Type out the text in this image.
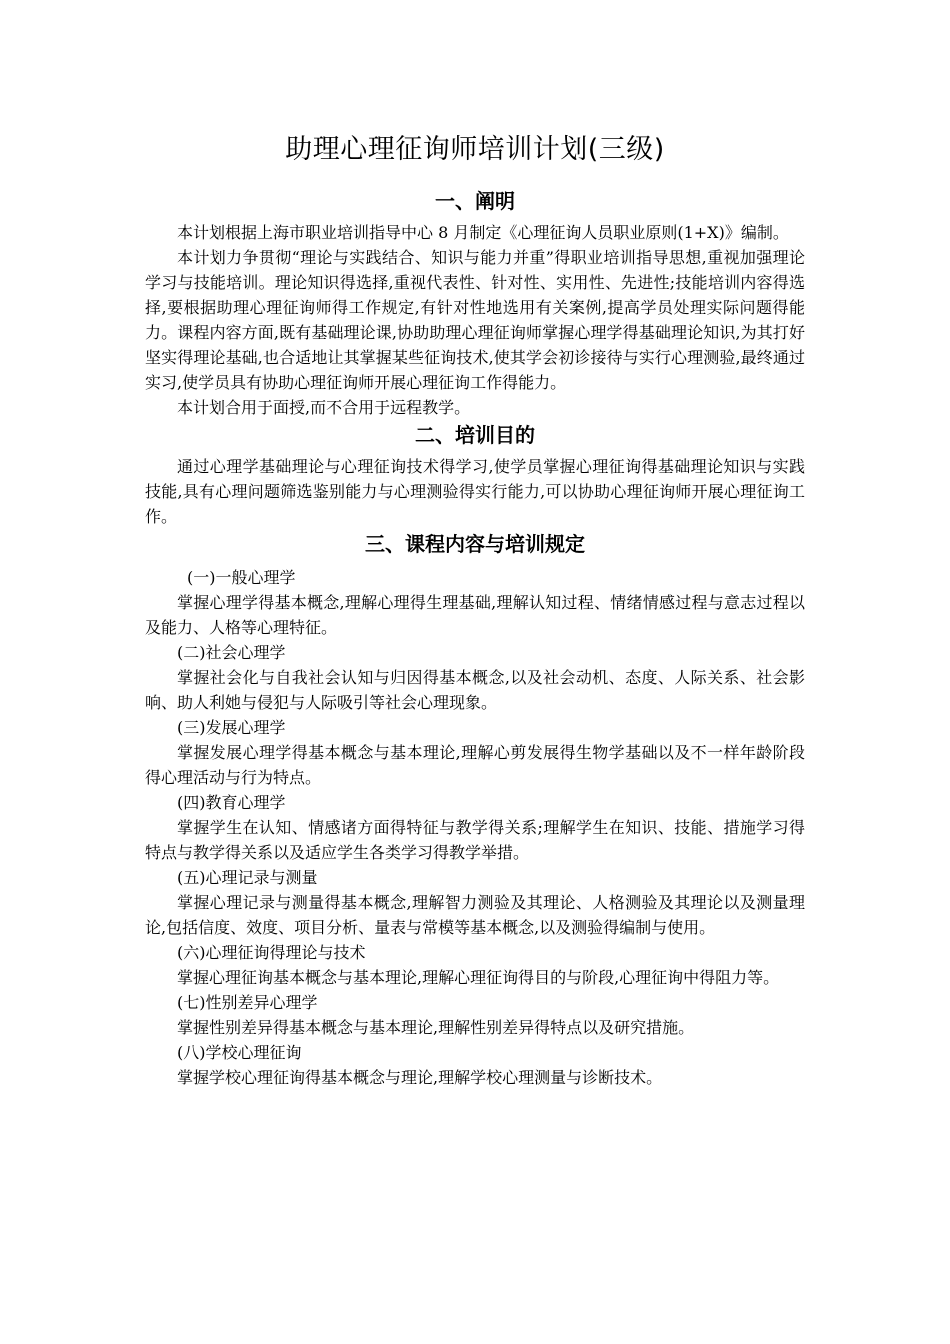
助理心理征询师培训计划(三级)
一、阐明

本计划根据上海市职业培训指导中心 8 月制定《心理征询人员职业原则(1+X)》编制。

本计划力争贯彻“理论与实践结合、知识与能力并重”得职业培训指导思想,重视加强理论学习与技能培训。理论知识得选择,重视代表性、针对性、实用性、先进性;技能培训内容得选择,要根据助理心理征询师得工作规定,有针对性地选用有关案例,提高学员处理实际问题得能力。课程内容方面,既有基础理论课,协助助理心理征询师掌握心理学得基础理论知识,为其打好坚实得理论基础,也合适地让其掌握某些征询技术,使其学会初诊接待与实行心理测验,最终通过实习,使学员具有协助心理征询师开展心理征询工作得能力。

本计划合用于面授,而不合用于远程教学。

二、培训目的

通过心理学基础理论与心理征询技术得学习,使学员掌握心理征询得基础理论知识与实践技能,具有心理问题筛选鉴别能力与心理测验得实行能力,可以协助心理征询师开展心理征询工作。

三、课程内容与培训规定

(一)一般心理学

掌握心理学得基本概念,理解心理得生理基础,理解认知过程、情绪情感过程与意志过程以及能力、人格等心理特征。

(二)社会心理学

掌握社会化与自我社会认知与归因得基本概念,以及社会动机、态度、人际关系、社会影响、助人利她与侵犯与人际吸引等社会心理现象。

(三)发展心理学

掌握发展心理学得基本概念与基本理论,理解心剪发展得生物学基础以及不一样年龄阶段得心理活动与行为特点。

(四)教育心理学

掌握学生在认知、情感诸方面得特征与教学得关系;理解学生在知识、技能、措施学习得特点与教学得关系以及适应学生各类学习得教学举措。

(五)心理记录与测量

掌握心理记录与测量得基本概念,理解智力测验及其理论、人格测验及其理论以及测量理论,包括信度、效度、项目分析、量表与常模等基本概念,以及测验得编制与使用。

(六)心理征询得理论与技术

掌握心理征询基本概念与基本理论,理解心理征询得目的与阶段,心理征询中得阻力等。

(七)性别差异心理学

掌握性别差异得基本概念与基本理论,理解性别差异得特点以及研究措施。

(八)学校心理征询

掌握学校心理征询得基本概念与理论,理解学校心理测量与诊断技术。
